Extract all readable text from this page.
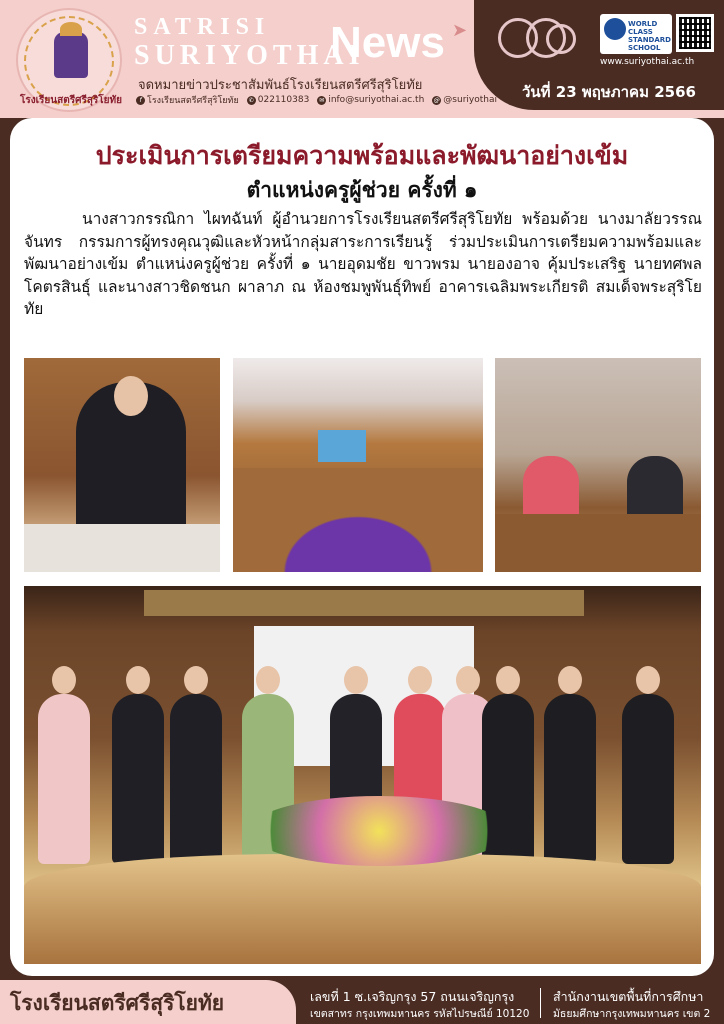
โรงเรียนสตรีศรีสุริโยทัย
SATRISI
SURIYOTHAI
News ➤
จดหมายข่าวประชาสัมพันธ์โรงเรียนสตรีศรีสุริโยทัย
f โรงเรียนสตรีศรีสุริโยทัย	✆ 022110383	✉ info@suriyothai.ac.th @ @suriyothai
WORLD CLASS STANDARD SCHOOL
www.suriyothai.ac.th
วันที่ 23 พฤษภาคม 2566
ประเมินการเตรียมความพร้อมและพัฒนาอย่างเข้ม
ตำแหน่งครูผู้ช่วย ครั้งที่ ๑
นางสาวกรรณิกา ไผทฉันท์ ผู้อำนวยการโรงเรียนสตรีศรีสุริโยทัย พร้อมด้วย นางมาลัยวรรณ จันทร กรรมการผู้ทรงคุณวุฒิและหัวหน้ากลุ่มสาระการเรียนรู้ ร่วมประเมินการเตรียมความพร้อมและพัฒนาอย่างเข้ม ตำแหน่งครูผู้ช่วย ครั้งที่ ๑ นายอุดมชัย ขาวพรม นายองอาจ คุ้มประเสริฐ นายทศพล โคตรสินธุ์ และนางสาวชิดชนก ผาลาภ ณ ห้องชมพูพันธุ์ทิพย์ อาคารเฉลิมพระเกียรติ สมเด็จพระสุริโยทัย
โรงเรียนสตรีศรีสุริโยทัย	เลขที่ 1 ซ.เจริญกรุง 57 ถนนเจริญกรุง
เขตสาทร กรุงเทพมหานคร รหัสไปรษณีย์ 10120
สำนักงานเขตพื้นที่การศึกษา
มัธยมศึกษากรุงเทพมหานคร เขต 2
